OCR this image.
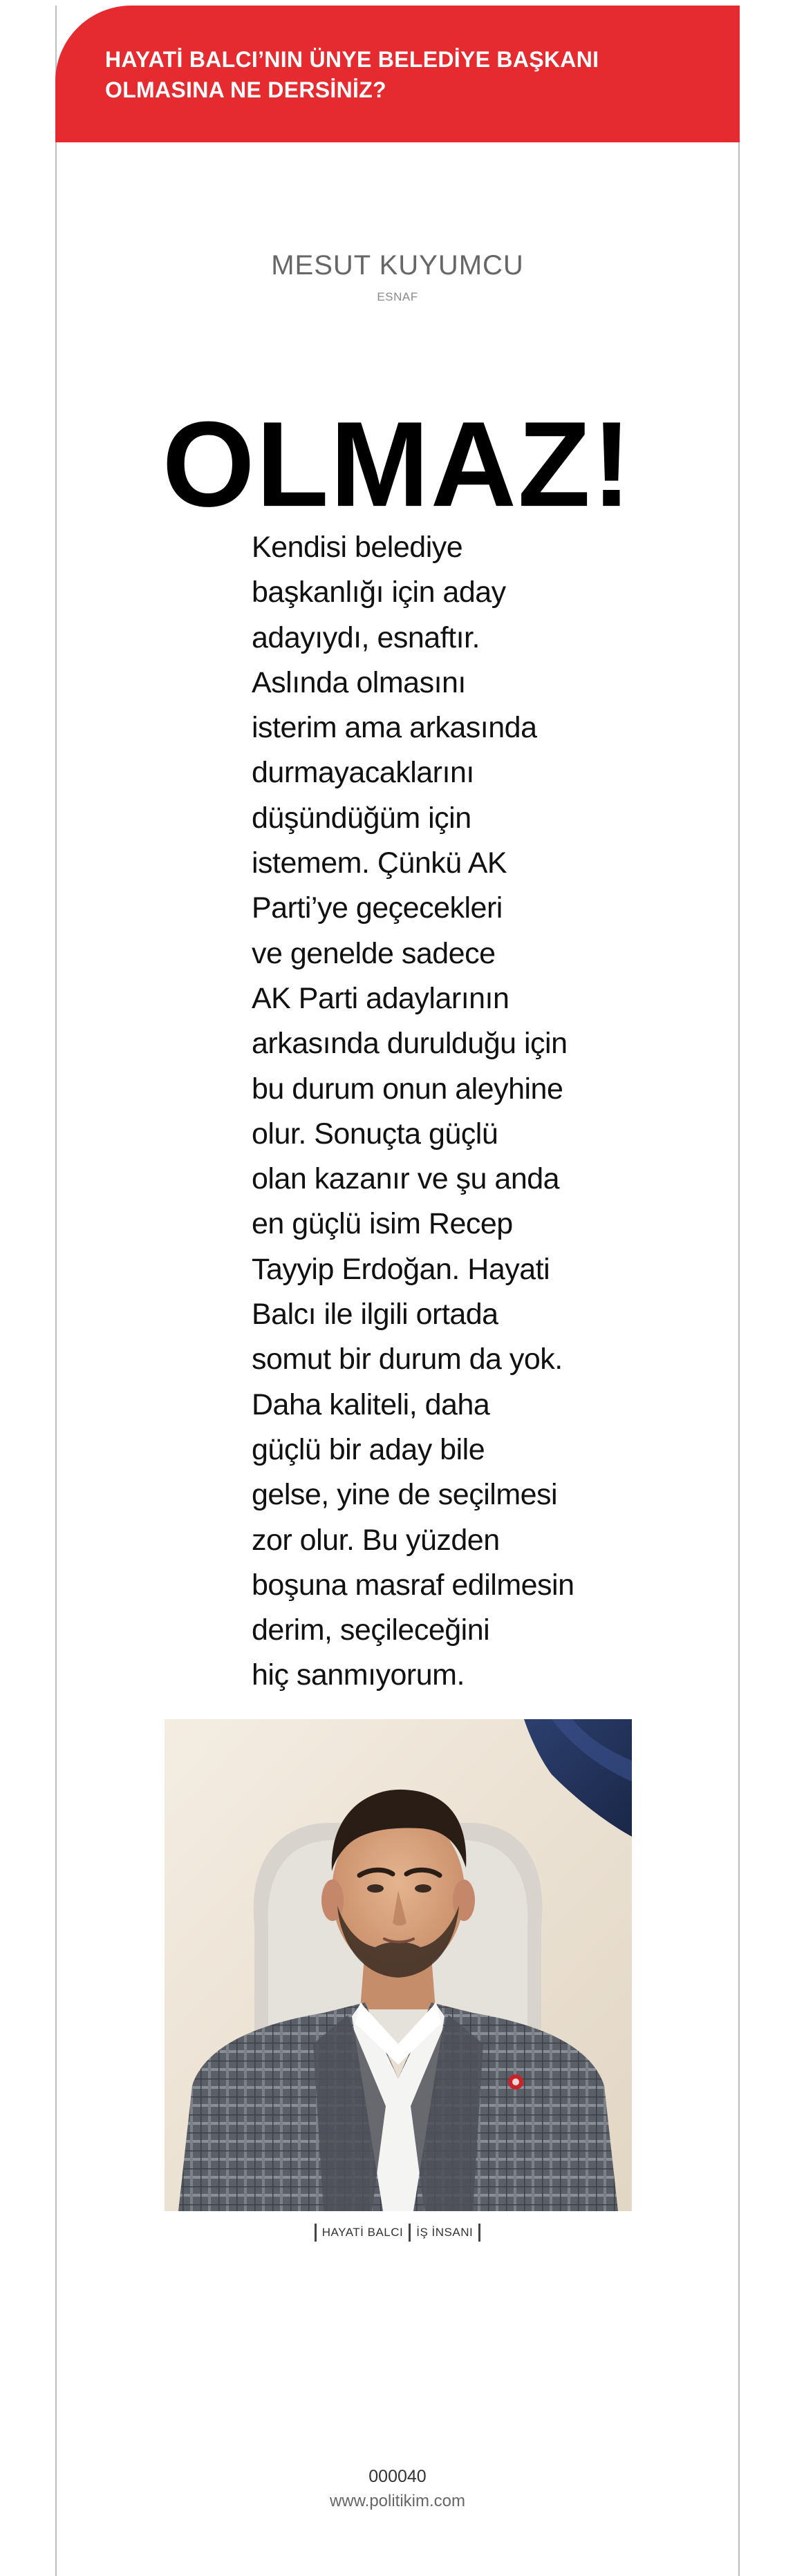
HAYATİ BALCI’NIN ÜNYE BELEDİYE BAŞKANI
OLMASINA NE DERSİNİZ?

MESUT KUYUMCU
ESNAF
OLMAZ!
Kendisi belediye
başkanlığı için aday
adayıydı, esnaftır.
Aslında olmasını
isterim ama arkasında
durmayacaklarını
düşündüğüm için
istemem. Çünkü AK
Parti’ye geçecekleri
ve genelde sadece
AK Parti adaylarının
arkasında durulduğu için
bu durum onun aleyhine
olur. Sonuçta güçlü
olan kazanır ve şu anda
en güçlü isim Recep
Tayyip Erdoğan. Hayati
Balcı ile ilgili ortada
somut bir durum da yok.
Daha kaliteli, daha
güçlü bir aday bile
gelse, yine de seçilmesi
zor olur. Bu yüzden
boşuna masraf edilmesin
derim, seçileceğini
hiç sanmıyorum.
HAYATİ BALCI İŞ İNSANI
000040
www.politikim.com
